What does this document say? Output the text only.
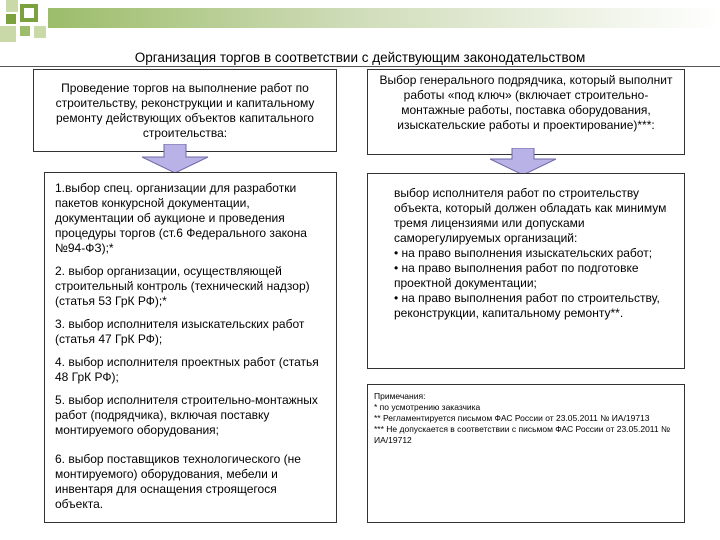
Организация торгов в соответствии с действующим законодательством
Проведение торгов на выполнение работ по строительству, реконструкции и капитальному ремонту действующих объектов капитального строительства:
Выбор генерального подрядчика, который выполнит работы «под ключ» (включает строительно-монтажные работы, поставка оборудования, изыскательские работы и проектирование)***:
1.выбор спец. организации для разработки пакетов конкурсной документации, документации об аукционе и проведения процедуры торгов (ст.6 Федерального закона №94-ФЗ);*
2. выбор организации, осуществляющей строительный контроль (технический надзор) (статья 53 ГрК РФ);*
3. выбор исполнителя изыскательских работ (статья 47 ГрК РФ);
4. выбор исполнителя проектных работ (статья 48 ГрК РФ);
5. выбор исполнителя строительно-монтажных работ (подрядчика), включая поставку монтируемого оборудования;
6. выбор поставщиков технологического (не монтируемого) оборудования, мебели и инвентаря для оснащения строящегося объекта.
выбор исполнителя работ по строительству объекта, который должен обладать как минимум тремя лицензиями или допусками саморегулируемых организаций:
• на право выполнения изыскательских работ;
• на право выполнения работ по подготовке проектной документации;
• на право выполнения работ по строительству, реконструкции, капитальному ремонту**.
Примечания:
* по усмотрению заказчика
** Регламентируется письмом ФАС России от 23.05.2011 № ИА/19713
*** Не допускается в соответствии с письмом ФАС России от 23.05.2011 № ИА/19712
